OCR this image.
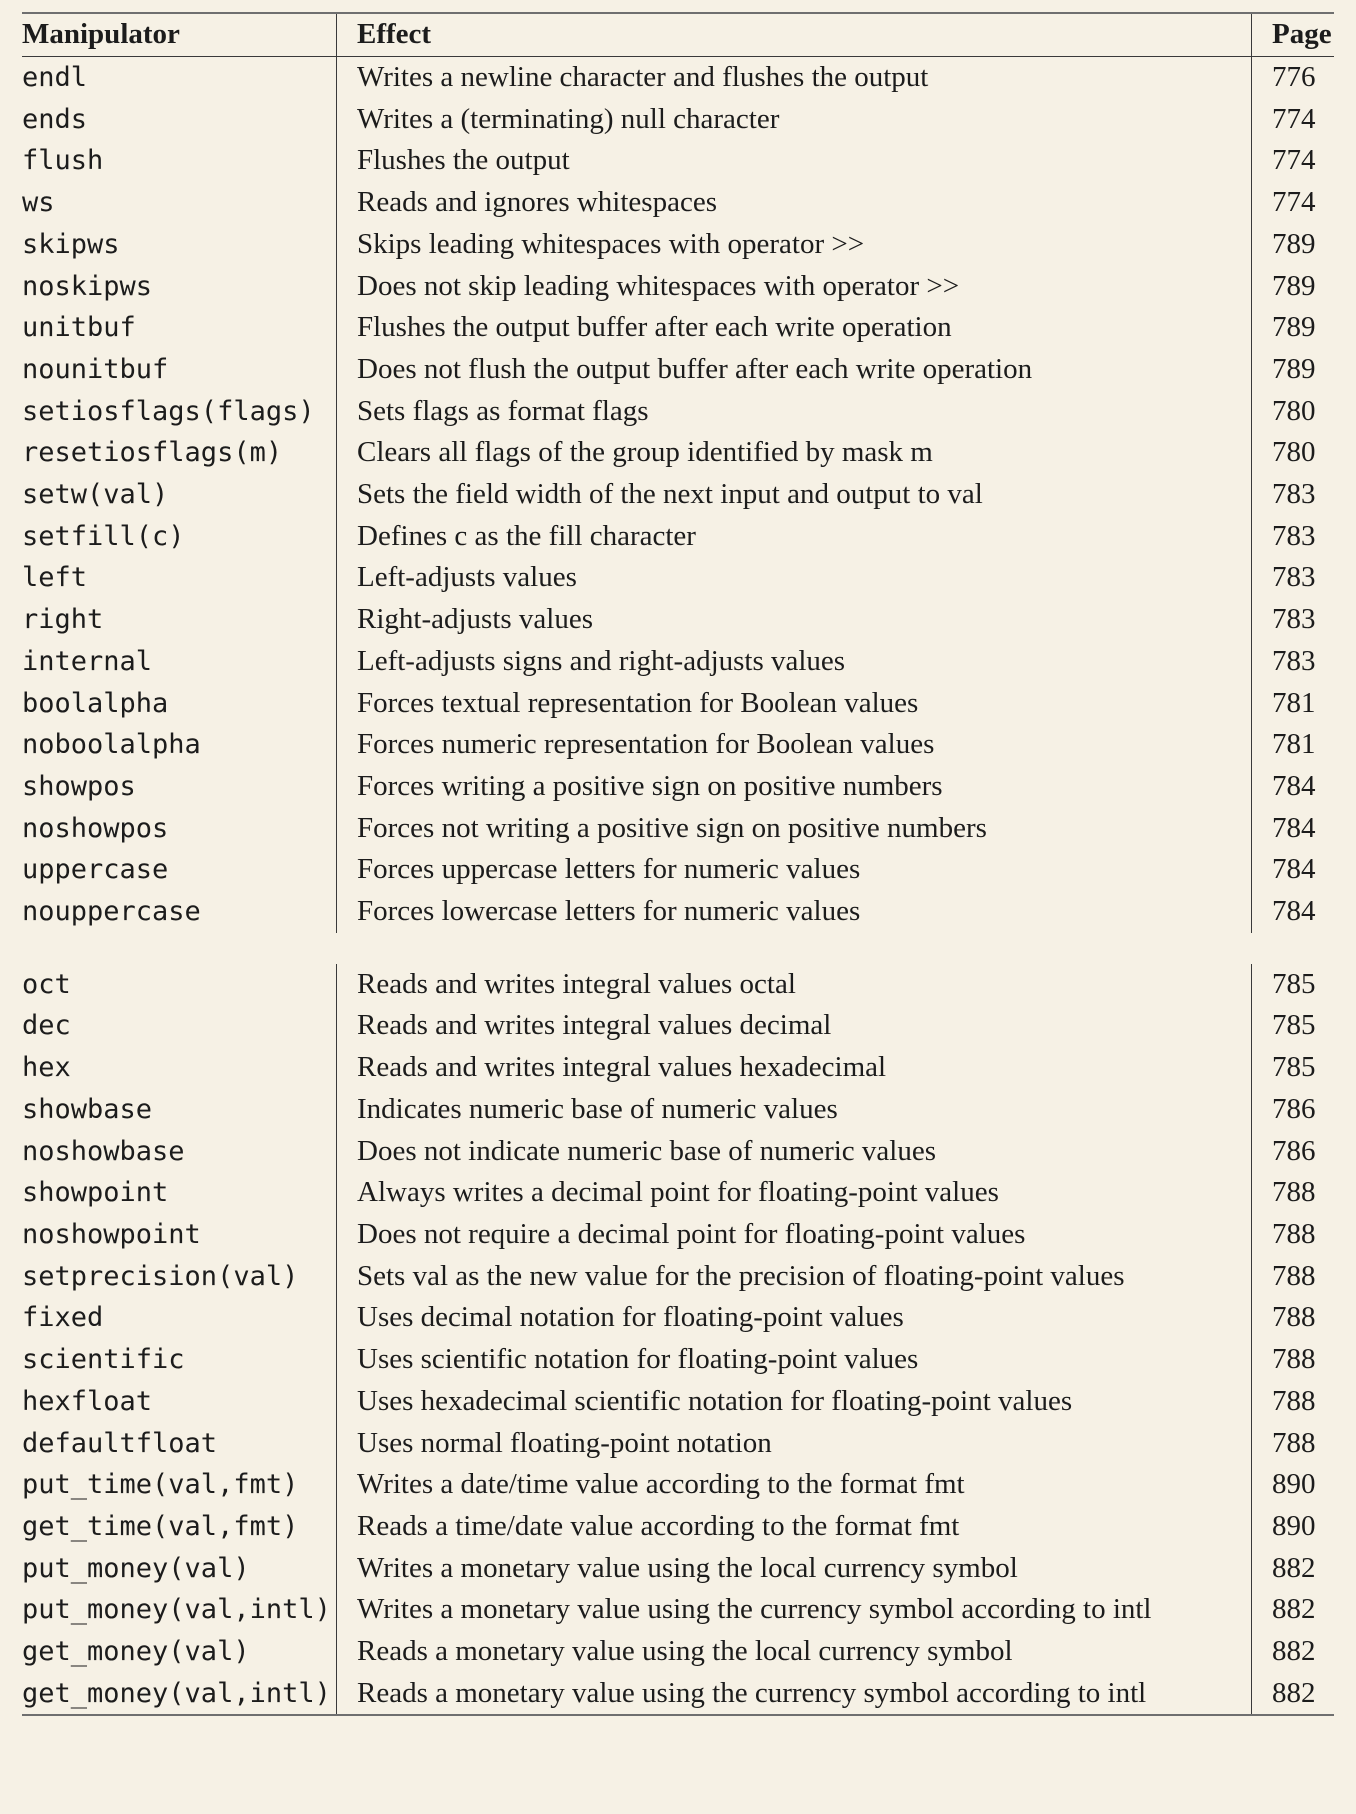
Manipulator	Effect	Page
endl	Writes a newline character and flushes the output	776
ends	Writes a (terminating) null character	774
flush	Flushes the output	774
ws	Reads and ignores whitespaces	774
skipws	Skips leading whitespaces with operator >>	789
noskipws	Does not skip leading whitespaces with operator >>	789
unitbuf	Flushes the output buffer after each write operation	789
nounitbuf	Does not flush the output buffer after each write operation	789
setiosflags(flags)	Sets flags as format flags	780
resetiosflags(m)	Clears all flags of the group identified by mask m	780
setw(val)	Sets the field width of the next input and output to val	783
setfill(c)	Defines c as the fill character	783
left	Left-adjusts values	783
right	Right-adjusts values	783
internal	Left-adjusts signs and right-adjusts values	783
boolalpha	Forces textual representation for Boolean values	781
noboolalpha	Forces numeric representation for Boolean values	781
showpos	Forces writing a positive sign on positive numbers	784
noshowpos	Forces not writing a positive sign on positive numbers	784
uppercase	Forces uppercase letters for numeric values	784
nouppercase	Forces lowercase letters for numeric values	784
oct	Reads and writes integral values octal	785
dec	Reads and writes integral values decimal	785
hex	Reads and writes integral values hexadecimal	785
showbase	Indicates numeric base of numeric values	786
noshowbase	Does not indicate numeric base of numeric values	786
showpoint	Always writes a decimal point for floating-point values	788
noshowpoint	Does not require a decimal point for floating-point values	788
setprecision(val)	Sets val as the new value for the precision of floating-point values	788
fixed	Uses decimal notation for floating-point values	788
scientific	Uses scientific notation for floating-point values	788
hexfloat	Uses hexadecimal scientific notation for floating-point values	788
defaultfloat	Uses normal floating-point notation	788
put_time(val,fmt)	Writes a date/time value according to the format fmt	890
get_time(val,fmt)	Reads a time/date value according to the format fmt	890
put_money(val)	Writes a monetary value using the local currency symbol	882
put_money(val,intl) Writes a monetary value using the currency symbol according to intl	882
get_money(val)	Reads a monetary value using the local currency symbol	882
get_money(val,intl) Reads a monetary value using the currency symbol according to intl	882
